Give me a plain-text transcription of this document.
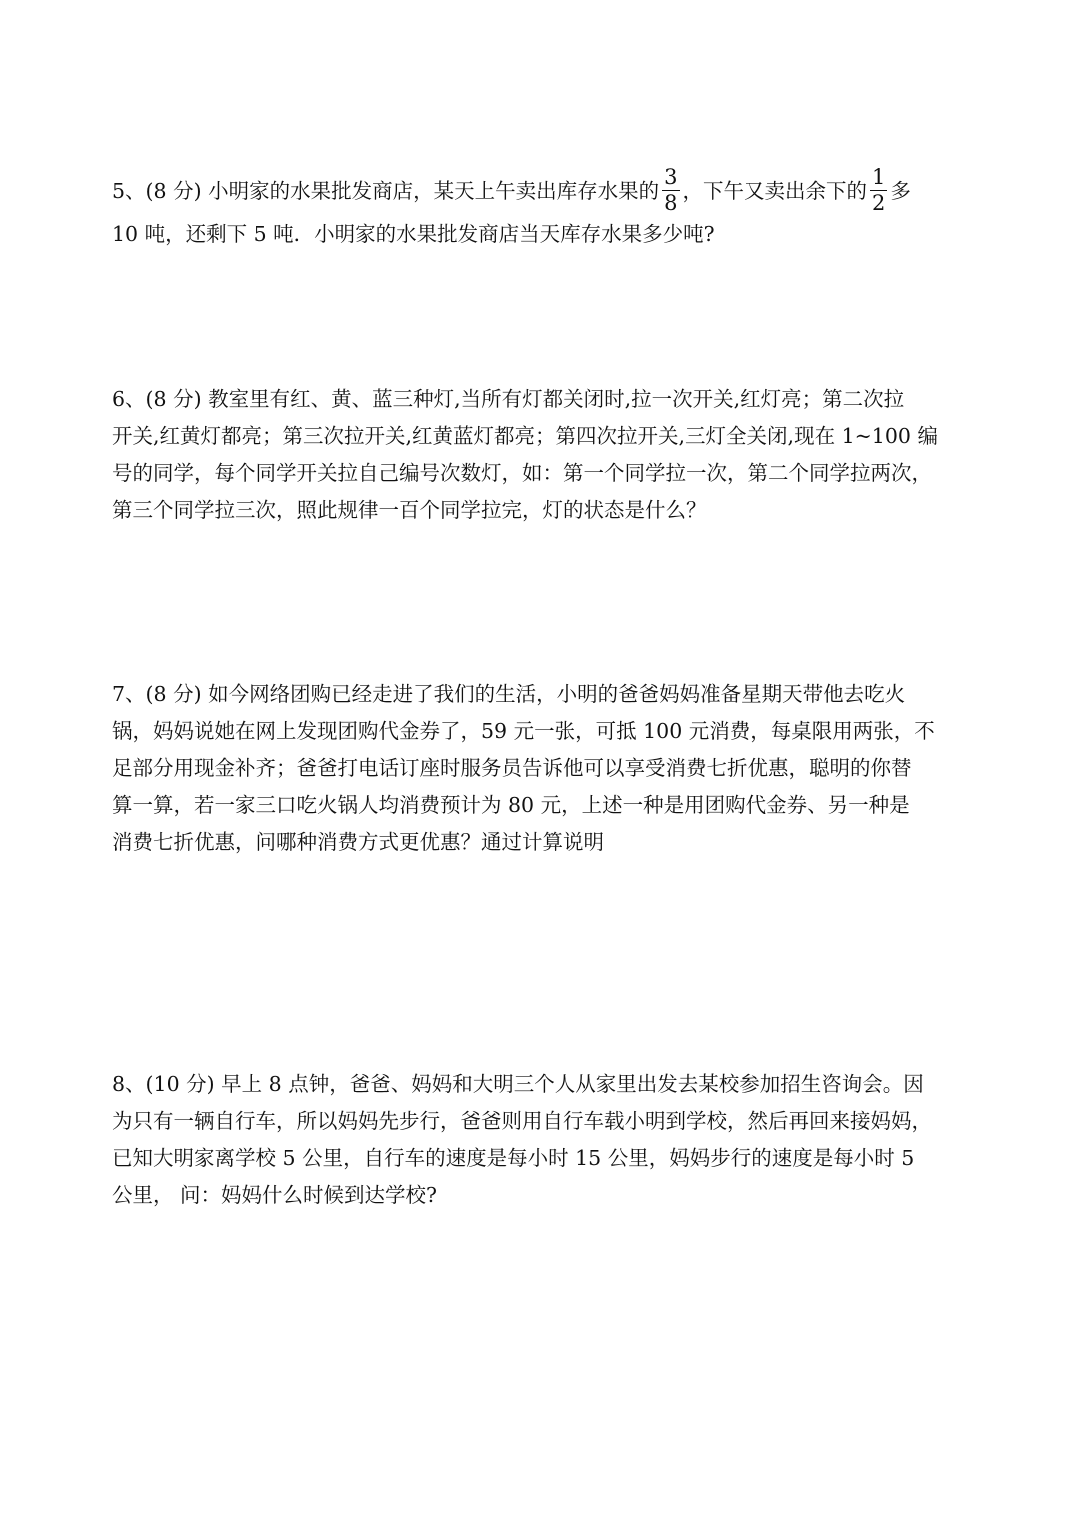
5、(8 分) 小明家的水果批发商店，某天上午卖出库存水果的 $\frac{3}{8}$ ，下午又卖出余下的 $\frac{1}{2}$ 多
10 吨，还剩下 5 吨．小明家的水果批发商店当天库存水果多少吨?
6、(8 分) 教室里有红、黄、蓝三种灯,当所有灯都关闭时,拉一次开关,红灯亮；第二次拉
开关,红黄灯都亮；第三次拉开关,红黄蓝灯都亮；第四次拉开关,三灯全关闭,现在 1~100 编
号的同学，每个同学开关拉自己编号次数灯，如：第一个同学拉一次，第二个同学拉两次，
第三个同学拉三次，照此规律一百个同学拉完，灯的状态是什么？
7、(8 分) 如今网络团购已经走进了我们的生活，小明的爸爸妈妈准备星期天带他去吃火
锅，妈妈说她在网上发现团购代金券了，59 元一张，可抵 100 元消费，每桌限用两张，不
足部分用现金补齐；爸爸打电话订座时服务员告诉他可以享受消费七折优惠，聪明的你替
算一算，若一家三口吃火锅人均消费预计为 80 元，上述一种是用团购代金券、另一种是
消费七折优惠，问哪种消费方式更优惠？通过计算说明
8、(10 分) 早上 8 点钟，爸爸、妈妈和大明三个人从家里出发去某校参加招生咨询会。因
为只有一辆自行车，所以妈妈先步行，爸爸则用自行车载小明到学校，然后再回来接妈妈，
已知大明家离学校 5 公里，自行车的速度是每小时 15 公里，妈妈步行的速度是每小时 5
公里， 问：妈妈什么时候到达学校?
